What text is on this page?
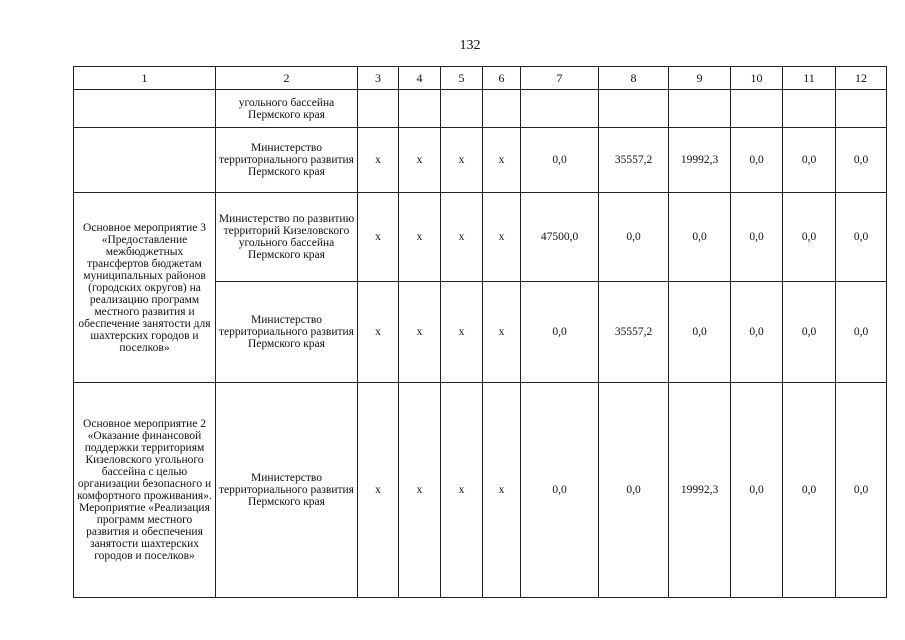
132
1	2	3	4	5	6	7	8	9	10	11	12
	угольного бассейна Пермского края										
	Министерство территориального развития Пермского края	x	x	x	x	0,0	35557,2	19992,3	0,0	0,0	0,0
Основное мероприятие 3 «Предоставление межбюджетных трансфертов бюджетам муниципальных районов (городских округов) на реализацию программ местного развития и обеспечение занятости для шахтерских городов и поселков»	Министерство по развитию территорий Кизеловского угольного бассейна Пермского края	x	x	x	x	47500,0	0,0	0,0	0,0	0,0	0,0
	Министерство территориального развития Пермского края	x	x	x	x	0,0	35557,2	0,0	0,0	0,0	0,0
Основное мероприятие 2 «Оказание финансовой поддержки территориям Кизеловского угольного бассейна с целью организации безопасного и комфортного проживания». Мероприятие «Реализация программ местного развития и обеспечения занятости шахтерских городов и поселков»	Министерство территориального развития Пермского края	x	x	x	x	0,0	0,0	19992,3	0,0	0,0	0,0
